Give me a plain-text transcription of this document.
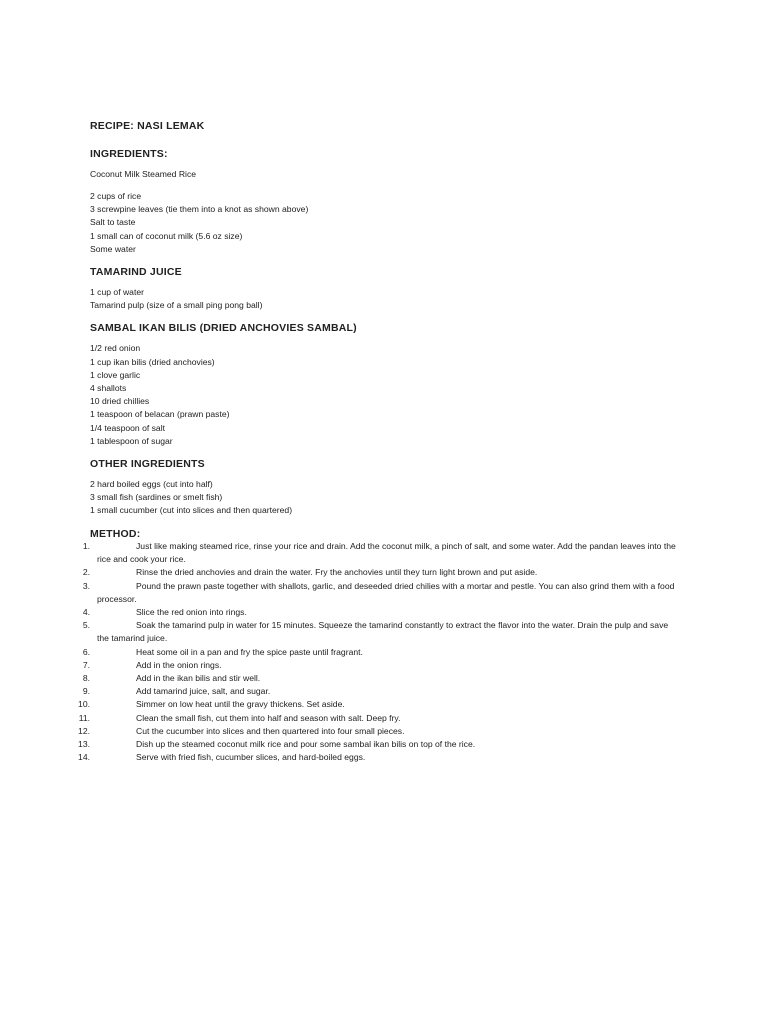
RECIPE: NASI LEMAK
INGREDIENTS:
Coconut Milk Steamed Rice
2 cups of rice
3 screwpine leaves (tie them into a knot as shown above)
Salt to taste
1 small can of coconut milk (5.6 oz size)
Some water
TAMARIND JUICE
1 cup of water
Tamarind pulp (size of a small ping pong ball)
SAMBAL IKAN BILIS (DRIED ANCHOVIES SAMBAL)
1/2 red onion
1 cup ikan bilis (dried anchovies)
1 clove garlic
4 shallots
10 dried chillies
1 teaspoon of belacan (prawn paste)
1/4 teaspoon of salt
1 tablespoon of sugar
OTHER INGREDIENTS
2 hard boiled eggs (cut into half)
3 small fish (sardines or smelt fish)
1 small cucumber (cut into slices and then quartered)
METHOD:
1.	Just like making steamed rice, rinse your rice and drain. Add the coconut milk, a pinch of salt, and some water. Add the pandan leaves into the rice and cook your rice.
2.	Rinse the dried anchovies and drain the water. Fry the anchovies until they turn light brown and put aside.
3.	Pound the prawn paste together with shallots, garlic, and deseeded dried chilies with a mortar and pestle. You can also grind them with a food processor.
4.	Slice the red onion into rings.
5.	Soak the tamarind pulp in water for 15 minutes. Squeeze the tamarind constantly to extract the flavor into the water. Drain the pulp and save the tamarind juice.
6.	Heat some oil in a pan and fry the spice paste until fragrant.
7.	Add in the onion rings.
8.	Add in the ikan bilis and stir well.
9.	Add tamarind juice, salt, and sugar.
10.	Simmer on low heat until the gravy thickens. Set aside.
11.	Clean the small fish, cut them into half and season with salt. Deep fry.
12.	Cut the cucumber into slices and then quartered into four small pieces.
13.	Dish up the steamed coconut milk rice and pour some sambal ikan bilis on top of the rice.
14.	Serve with fried fish, cucumber slices, and hard-boiled eggs.
